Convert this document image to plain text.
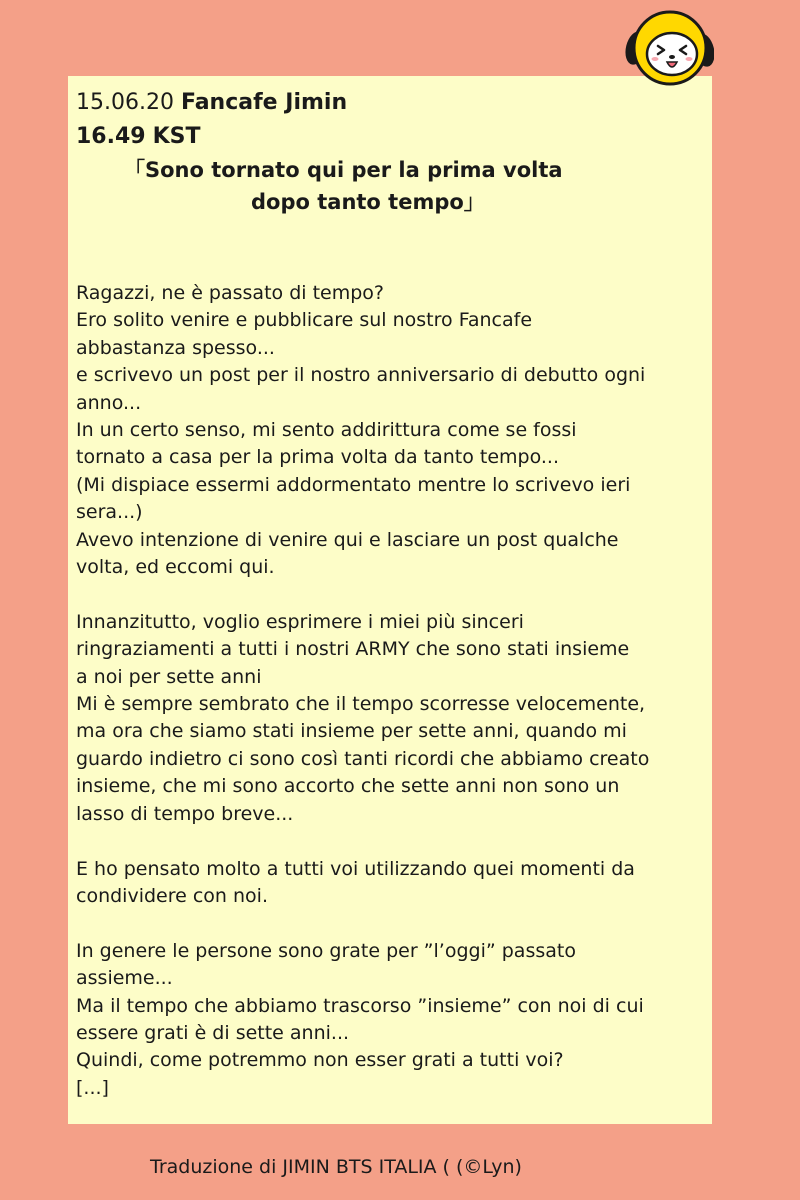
15.06.20 Fancafe Jimin
16.49 KST
「Sono tornato qui per la prima volta
dopo tanto tempo」
Ragazzi, ne è passato di tempo?
Ero solito venire e pubblicare sul nostro Fancafe
abbastanza spesso...
e scrivevo un post per il nostro anniversario di debutto ogni
anno...
In un certo senso, mi sento addirittura come se fossi
tornato a casa per la prima volta da tanto tempo...
(Mi dispiace essermi addormentato mentre lo scrivevo ieri
sera...)
Avevo intenzione di venire qui e lasciare un post qualche
volta, ed eccomi qui.
Innanzitutto, voglio esprimere i miei più sinceri
ringraziamenti a tutti i nostri ARMY che sono stati insieme
a noi per sette anni
Mi è sempre sembrato che il tempo scorresse velocemente,
ma ora che siamo stati insieme per sette anni, quando mi
guardo indietro ci sono così tanti ricordi che abbiamo creato
insieme, che mi sono accorto che sette anni non sono un
lasso di tempo breve...
E ho pensato molto a tutti voi utilizzando quei momenti da
condividere con noi.
In genere le persone sono grate per ”l’oggi” passato
assieme...
Ma il tempo che abbiamo trascorso ”insieme” con noi di cui
essere grati è di sette anni...
Quindi, come potremmo non esser grati a tutti voi?
[...]
Traduzione di JIMIN BTS ITALIA ( (©Lyn)
